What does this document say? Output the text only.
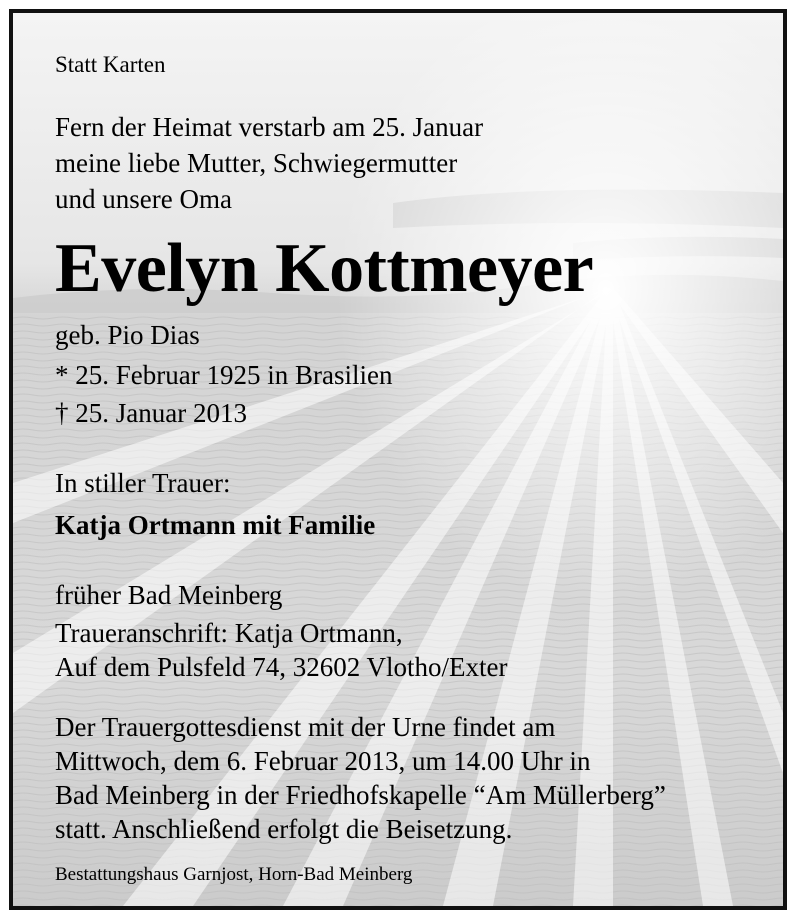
Statt Karten
Fern der Heimat verstarb am 25. Januar
meine liebe Mutter, Schwiegermutter
und unsere Oma
Evelyn Kottmeyer
geb. Pio Dias
* 25. Februar 1925 in Brasilien
† 25. Januar 2013
In stiller Trauer:
Katja Ortmann mit Familie
früher Bad Meinberg
Traueranschrift: Katja Ortmann,
Auf dem Pulsfeld 74, 32602 Vlotho/Exter
Der Trauergottesdienst mit der Urne findet am
Mittwoch, dem 6. Februar 2013, um 14.00 Uhr in
Bad Meinberg in der Friedhofskapelle “Am Müllerberg”
statt. Anschließend erfolgt die Beisetzung.
Bestattungshaus Garnjost, Horn-Bad Meinberg
